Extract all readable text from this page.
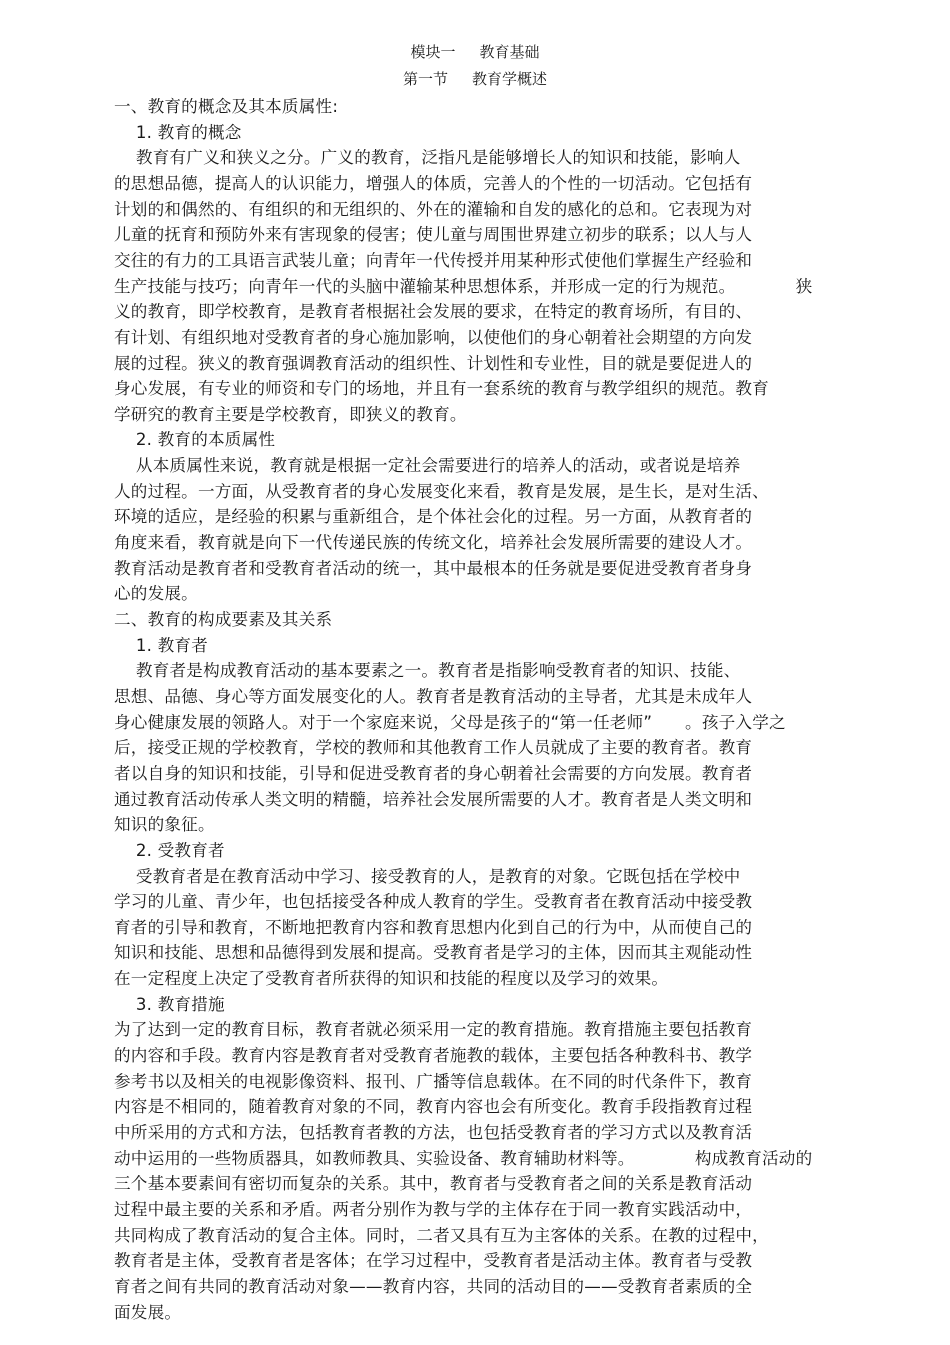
模块一 教育基础
第一节 教育学概述
一、教育的概念及其本质属性:
1. 教育的概念
教育有广义和狭义之分。广义的教育，泛指凡是能够增长人的知识和技能，影响人
的思想品德，提高人的认识能力，增强人的体质，完善人的个性的一切活动。它包括有
计划的和偶然的、有组织的和无组织的、外在的灌输和自发的感化的总和。它表现为对
儿童的抚育和预防外来有害现象的侵害；使儿童与周围世界建立初步的联系；以人与人
交往的有力的工具语言武装儿童；向青年一代传授并用某种形式使他们掌握生产经验和
生产技能与技巧；向青年一代的头脑中灌输某种思想体系，并形成一定的行为规范。           狭
义的教育，即学校教育，是教育者根据社会发展的要求，在特定的教育场所，有目的、
有计划、有组织地对受教育者的身心施加影响，以使他们的身心朝着社会期望的方向发
展的过程。狭义的教育强调教育活动的组织性、计划性和专业性，目的就是要促进人的
身心发展，有专业的师资和专门的场地，并且有一套系统的教育与教学组织的规范。教育
学研究的教育主要是学校教育，即狭义的教育。
2. 教育的本质属性
从本质属性来说，教育就是根据一定社会需要进行的培养人的活动，或者说是培养
人的过程。一方面，从受教育者的身心发展变化来看，教育是发展，是生长，是对生活、
环境的适应，是经验的积累与重新组合，是个体社会化的过程。另一方面，从教育者的
角度来看，教育就是向下一代传递民族的传统文化，培养社会发展所需要的建设人才。
教育活动是教育者和受教育者活动的统一，其中最根本的任务就是要促进受教育者身身
心的发展。
二、教育的构成要素及其关系
1. 教育者
教育者是构成教育活动的基本要素之一。教育者是指影响受教育者的知识、技能、
思想、品德、身心等方面发展变化的人。教育者是教育活动的主导者，尤其是未成年人
身心健康发展的领路人。对于一个家庭来说，父母是孩子的“第一任老师”      。孩子入学之
后，接受正规的学校教育，学校的教师和其他教育工作人员就成了主要的教育者。教育
者以自身的知识和技能，引导和促进受教育者的身心朝着社会需要的方向发展。教育者
通过教育活动传承人类文明的精髓，培养社会发展所需要的人才。教育者是人类文明和
知识的象征。
2. 受教育者
受教育者是在教育活动中学习、接受教育的人，是教育的对象。它既包括在学校中
学习的儿童、青少年，也包括接受各种成人教育的学生。受教育者在教育活动中接受教
育者的引导和教育，不断地把教育内容和教育思想内化到自己的行为中，从而使自己的
知识和技能、思想和品德得到发展和提高。受教育者是学习的主体，因而其主观能动性
在一定程度上决定了受教育者所获得的知识和技能的程度以及学习的效果。
3. 教育措施
为了达到一定的教育目标，教育者就必须采用一定的教育措施。教育措施主要包括教育
的内容和手段。教育内容是教育者对受教育者施教的载体，主要包括各种教科书、教学
参考书以及相关的电视影像资料、报刊、广播等信息载体。在不同的时代条件下，教育
内容是不相同的，随着教育对象的不同，教育内容也会有所变化。教育手段指教育过程
中所采用的方式和方法，包括教育者教的方法，也包括受教育者的学习方式以及教育活
动中运用的一些物质器具，如教师教具、实验设备、教育辅助材料等。           构成教育活动的
三个基本要素间有密切而复杂的关系。其中，教育者与受教育者之间的关系是教育活动
过程中最主要的关系和矛盾。两者分别作为教与学的主体存在于同一教育实践活动中，
共同构成了教育活动的复合主体。同时，二者又具有互为主客体的关系。在教的过程中，
教育者是主体，受教育者是客体；在学习过程中，受教育者是活动主体。教育者与受教
育者之间有共同的教育活动对象——教育内容，共同的活动目的——受教育者素质的全
面发展。
